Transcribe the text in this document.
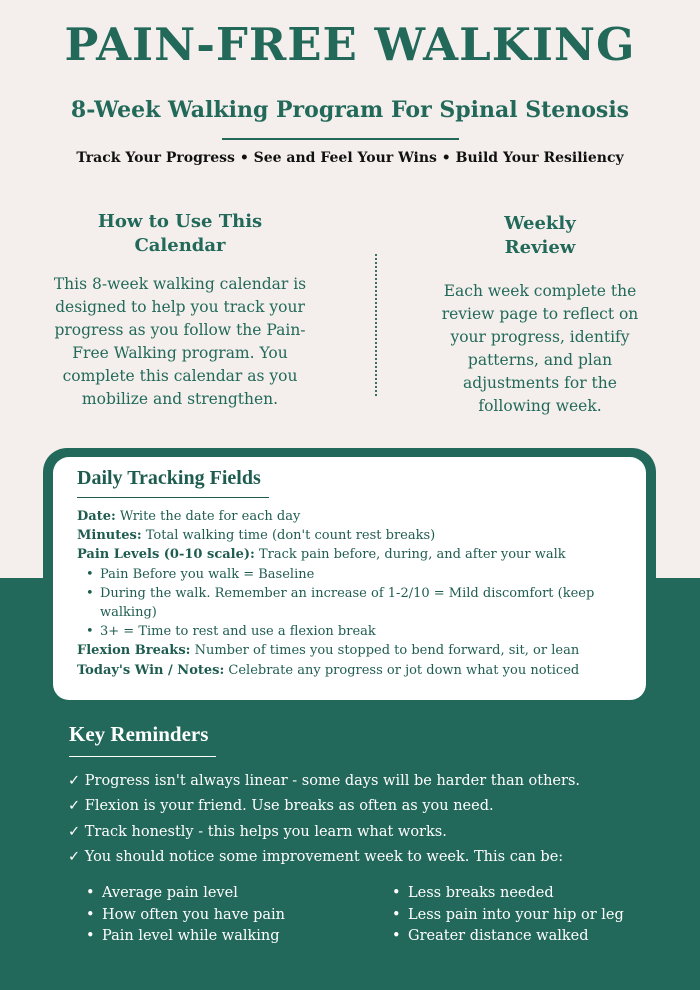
PAIN-FREE WALKING
8-Week Walking Program For Spinal Stenosis
Track Your Progress • See and Feel Your Wins • Build Your Resiliency
How to Use This
Calendar
This 8-week walking calendar is
designed to help you track your
progress as you follow the Pain-
Free Walking program. You
complete this calendar as you
mobilize and strengthen.
Weekly
Review
Each week complete the
review page to reflect on
your progress, identify
patterns, and plan
adjustments for the
following week.
Daily Tracking Fields

Date: Write the date for each day

Minutes: Total walking time (don't count rest breaks)

Pain Levels (0-10 scale): Track pain before, during, and after your walk

• Pain Before you walk = Baseline

• During the walk. Remember an increase of 1-2/10 = Mild discomfort (keep

walking)

• 3+ = Time to rest and use a flexion break

Flexion Breaks: Number of times you stopped to bend forward, sit, or lean

Today's Win / Notes: Celebrate any progress or jot down what you noticed

Key Reminders

✓ Progress isn't always linear - some days will be harder than others.

✓ Flexion is your friend. Use breaks as often as you need.

✓ Track honestly - this helps you learn what works.

✓ You should notice some improvement week to week. This can be:

• Average pain level

• How often you have pain

• Pain level while walking

• Less breaks needed

• Less pain into your hip or leg

• Greater distance walked
